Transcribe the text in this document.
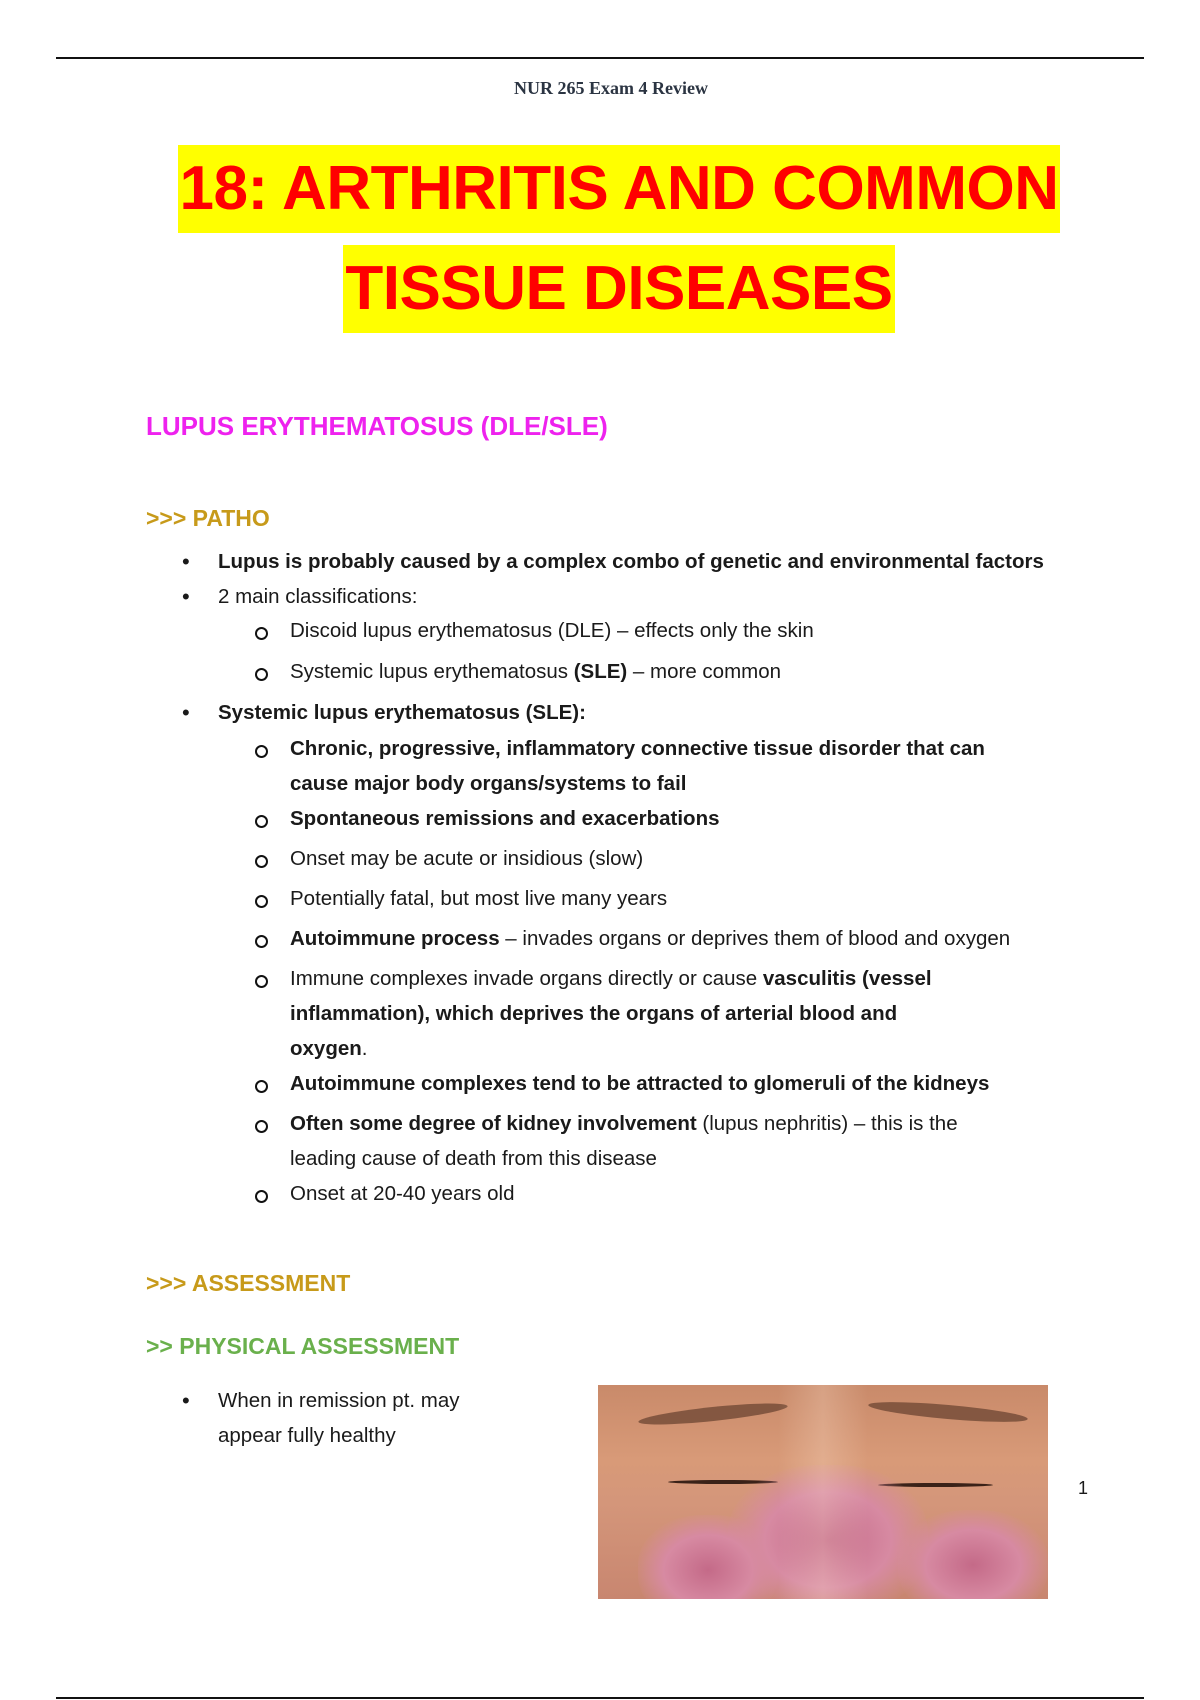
NUR 265 Exam 4 Review
18: ARTHRITIS AND COMMON
TISSUE DISEASES
LUPUS ERYTHEMATOSUS (DLE/SLE)
>>> PATHO
• Lupus is probably caused by a complex combo of genetic and environmental factors
• 2 main classifications:
Discoid lupus erythematosus (DLE) – effects only the skin
Systemic lupus erythematosus (SLE) – more common
• Systemic lupus erythematosus (SLE):
Chronic, progressive, inflammatory connective tissue disorder that can
cause major body organs/systems to fail
Spontaneous remissions and exacerbations
Onset may be acute or insidious (slow)
Potentially fatal, but most live many years
Autoimmune process – invades organs or deprives them of blood and oxygen
Immune complexes invade organs directly or cause vasculitis (vessel
inflammation), which deprives the organs of arterial blood and
oxygen.
Autoimmune complexes tend to be attracted to glomeruli of the kidneys
Often some degree of kidney involvement (lupus nephritis) – this is the
leading cause of death from this disease
Onset at 20-40 years old
>>> ASSESSMENT
>> PHYSICAL ASSESSMENT
• When in remission pt. may
appear fully healthy
1
